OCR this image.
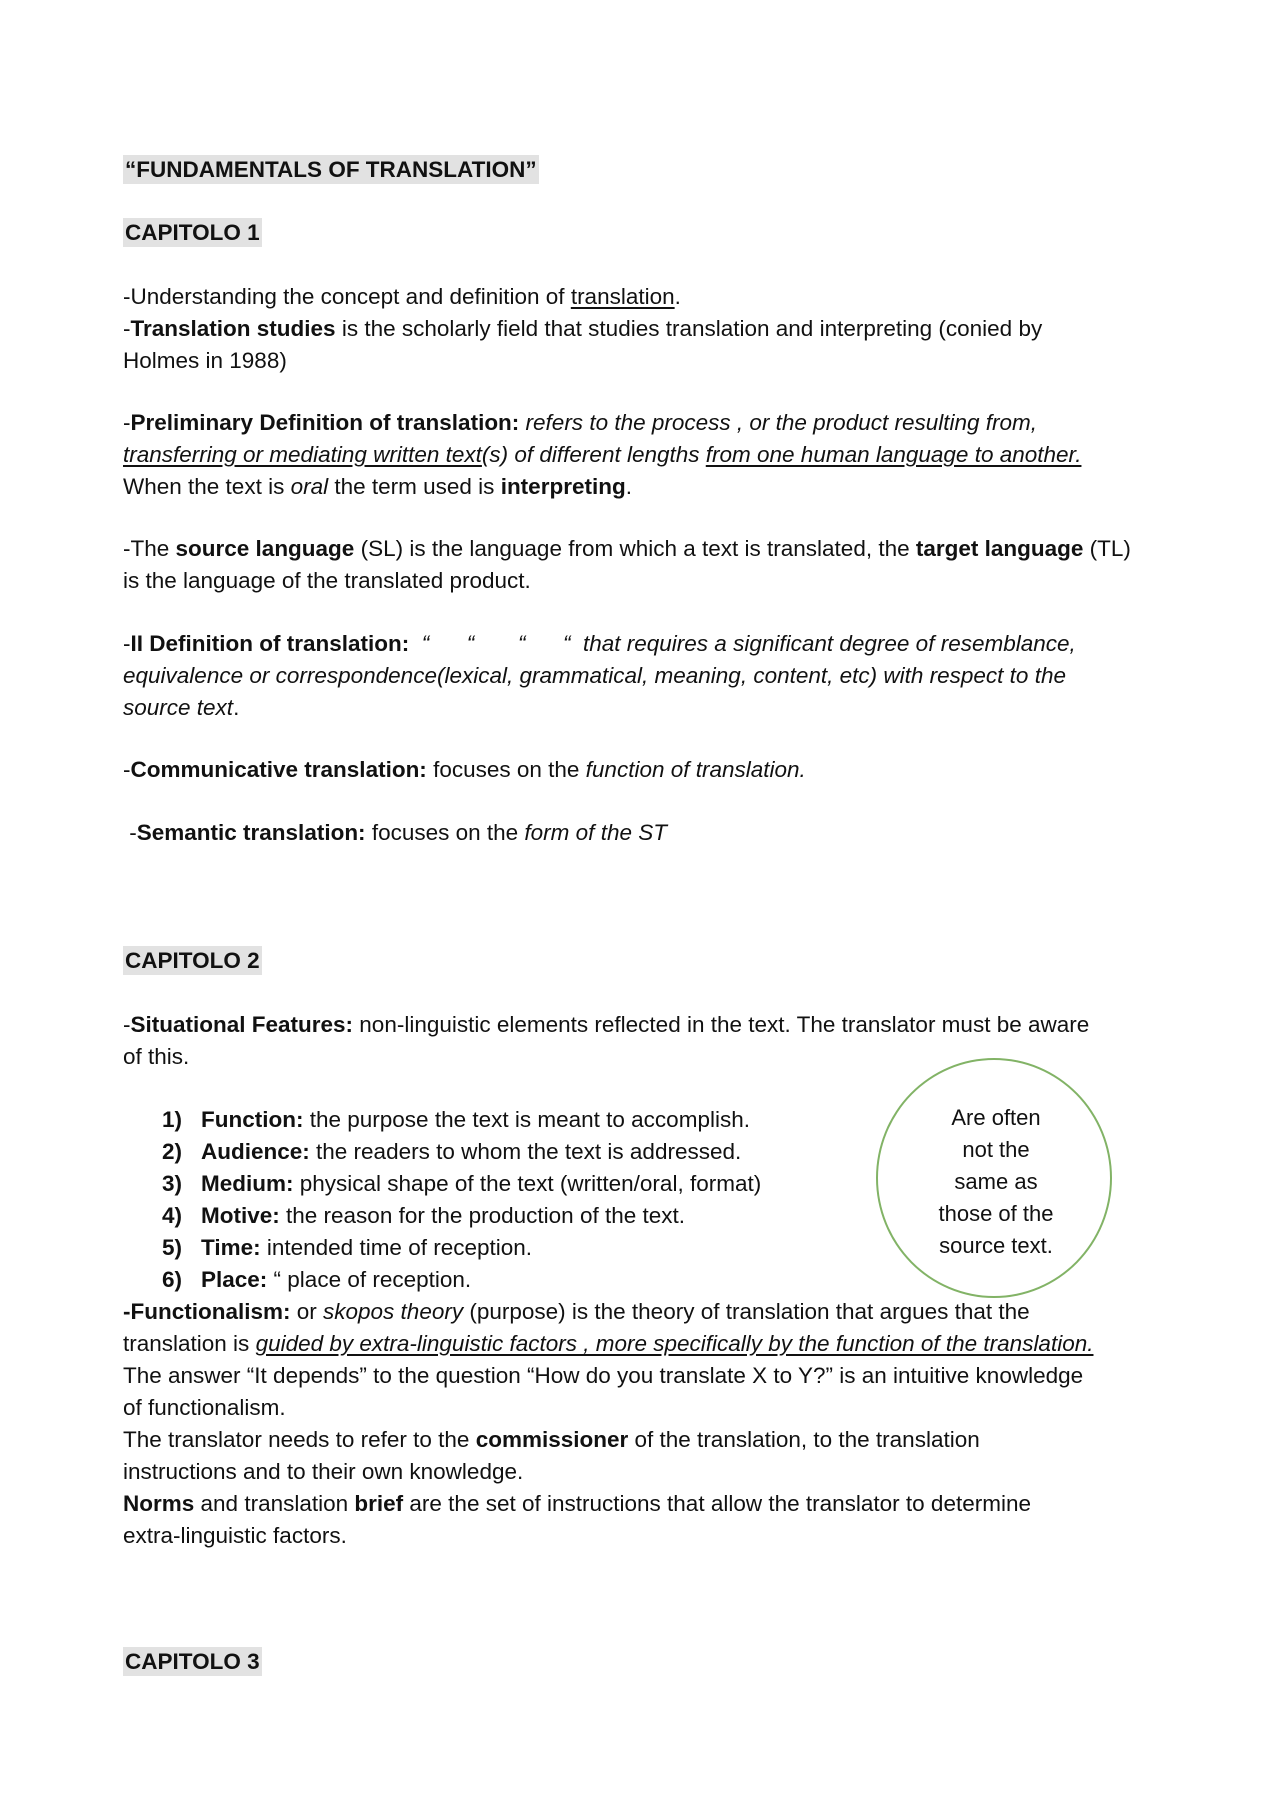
“FUNDAMENTALS OF TRANSLATION”
CAPITOLO 1
-Understanding the concept and definition of translation.
-Translation studies is the scholarly field that studies translation and interpreting (conied by
Holmes in 1988)
-Preliminary Definition of translation: refers to the process , or the product resulting from,
transferring or mediating written text(s) of different lengths from one human language to another.
When the text is oral the term used is interpreting.
-The source language (SL) is the language from which a text is translated, the target language (TL)
is the language of the translated product.
-II Definition of translation:  “      “       “      “  that requires a significant degree of resemblance,
equivalence or correspondence(lexical, grammatical, meaning, content, etc) with respect to the
source text.
-Communicative translation: focuses on the function of translation.
-Semantic translation: focuses on the form of the ST
CAPITOLO 2
-Situational Features: non-linguistic elements reflected in the text. The translator must be aware
of this.
1) Function: the purpose the text is meant to accomplish.
2) Audience: the readers to whom the text is addressed.
3) Medium: physical shape of the text (written/oral, format)
4) Motive: the reason for the production of the text.
5) Time: intended time of reception.
6) Place: “ place of reception.
Are often
not the
same as
those of the
source text.
-Functionalism: or skopos theory (purpose) is the theory of translation that argues that the
translation is guided by extra-linguistic factors , more specifically by the function of the translation.
The answer “It depends” to the question “How do you translate X to Y?” is an intuitive knowledge
of functionalism.
The translator needs to refer to the commissioner of the translation, to the translation
instructions and to their own knowledge.
Norms and translation brief are the set of instructions that allow the translator to determine
extra-linguistic factors.
CAPITOLO 3
